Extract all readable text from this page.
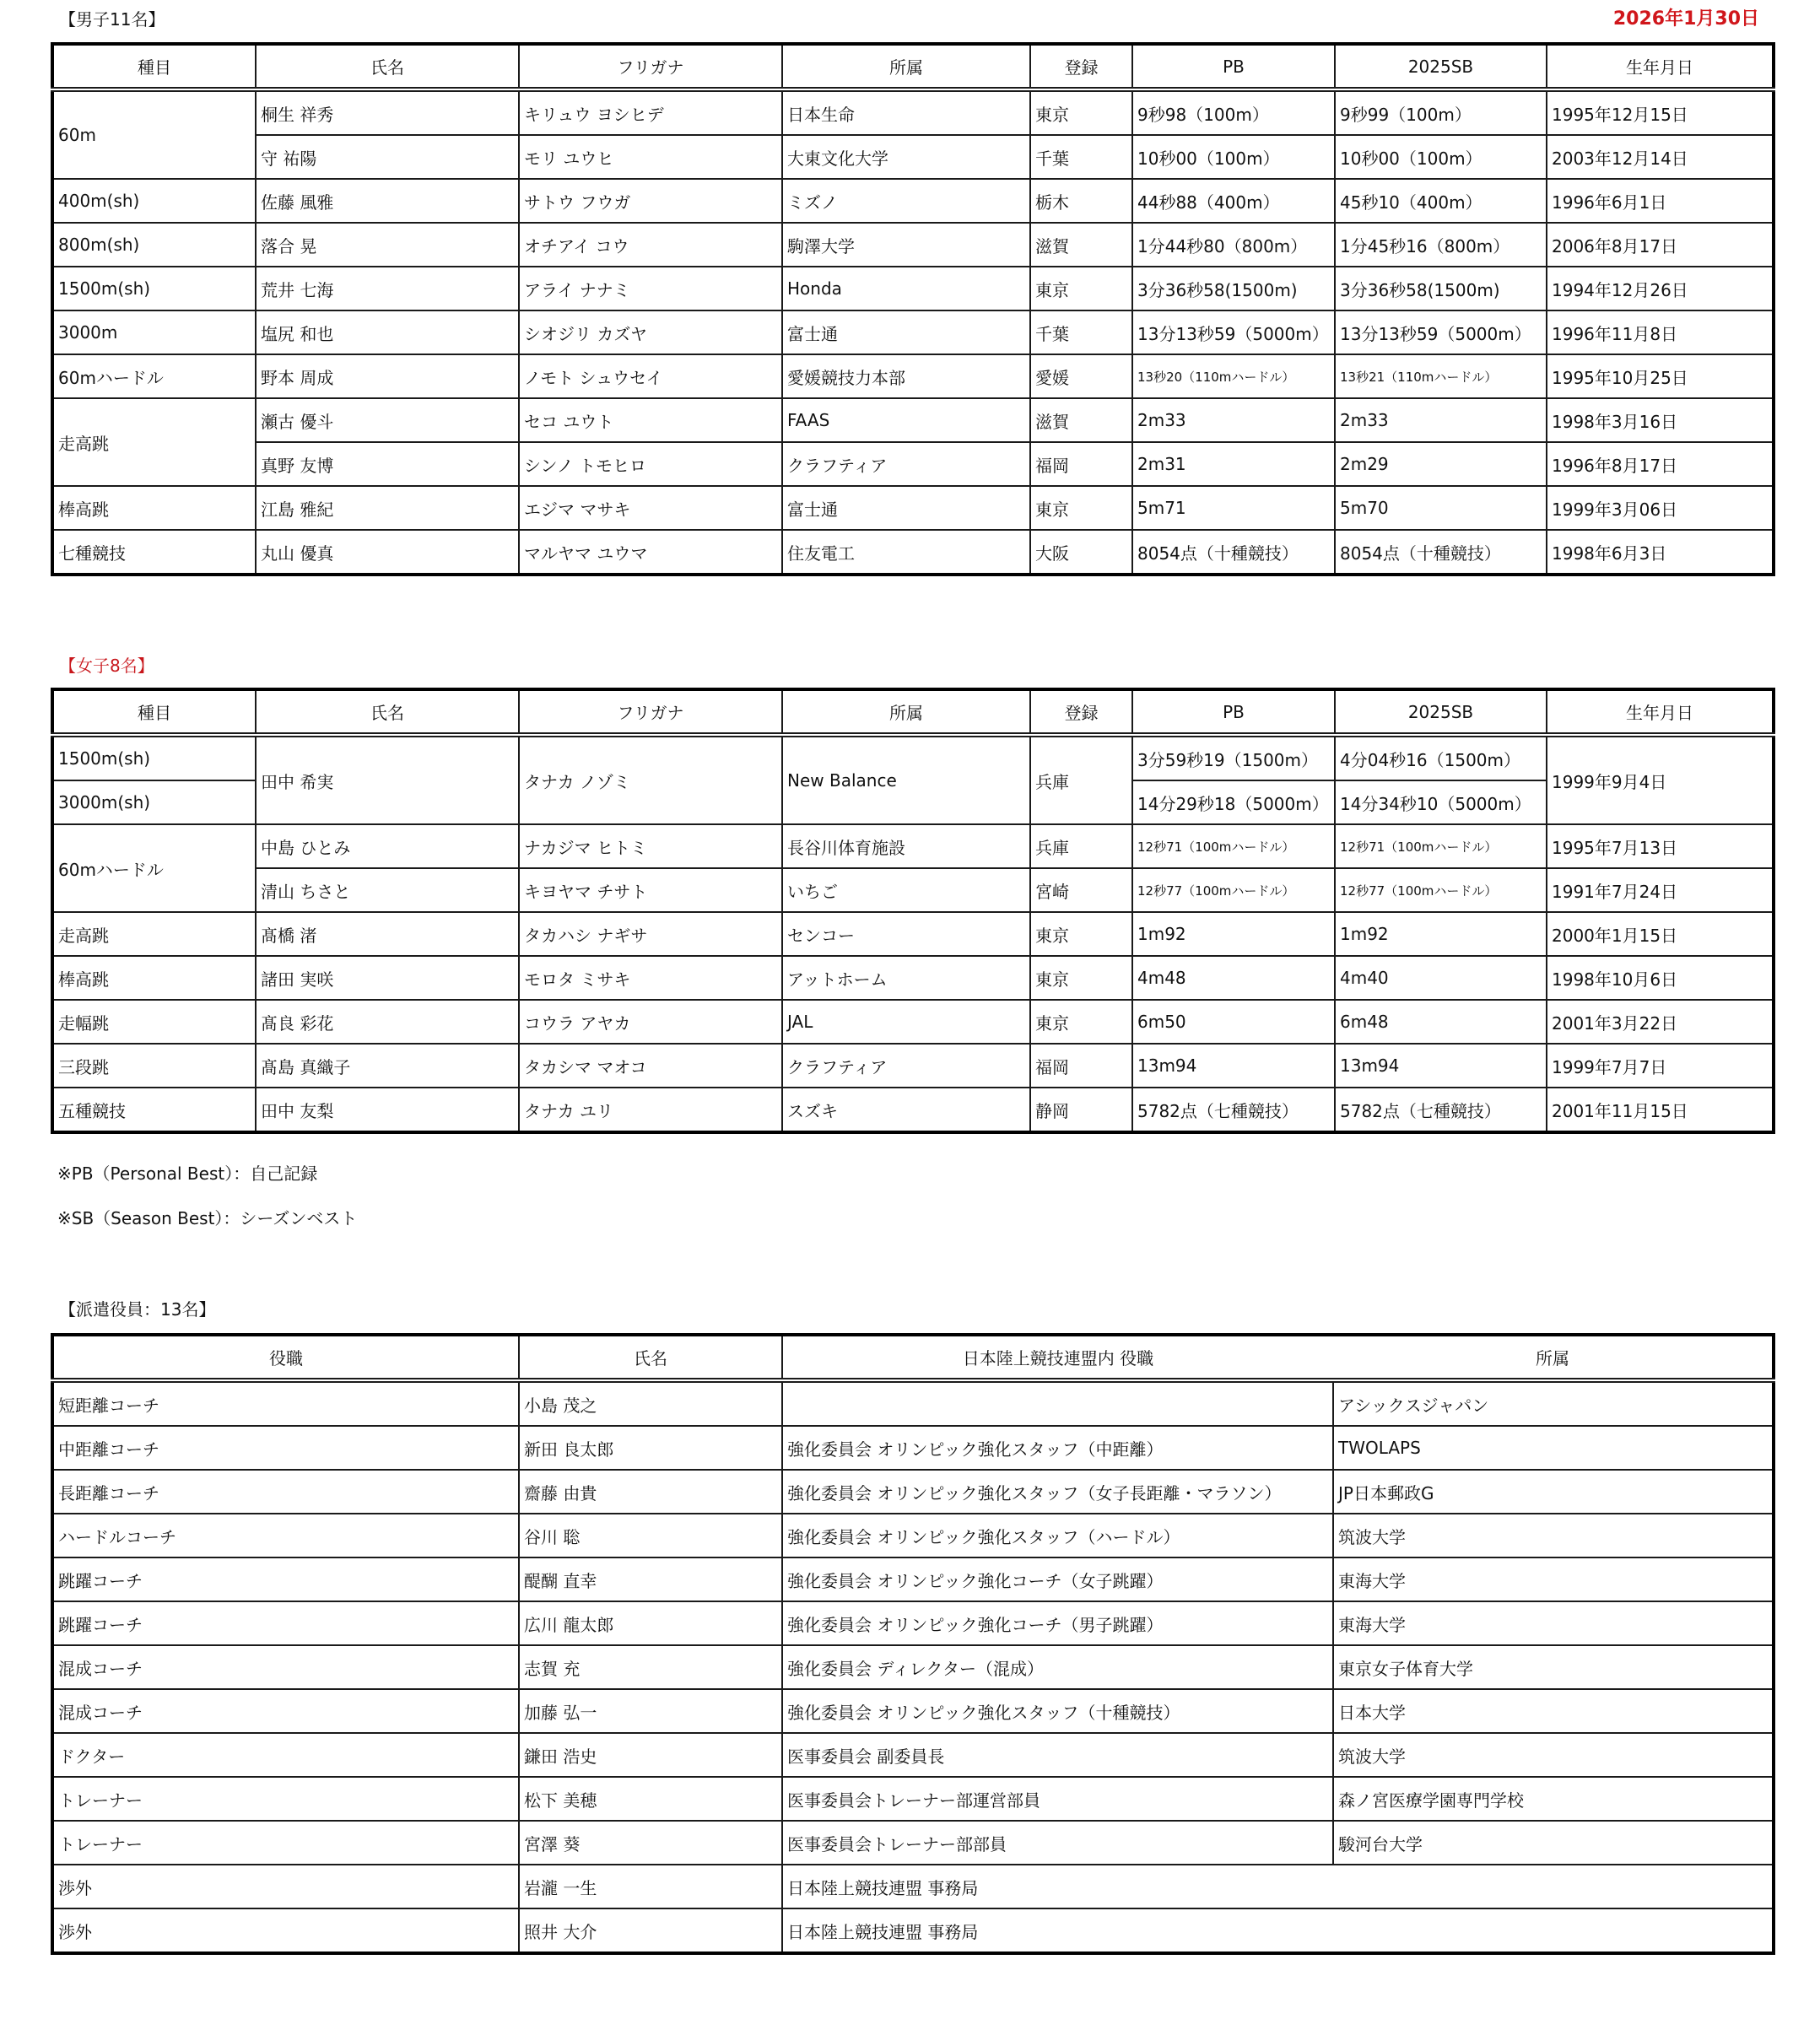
【男子11名】	2026年1月30日
種目	氏名	フリガナ	所属	登録	PB	2025SB	生年月日
60m	桐生 祥秀	キリュウ ヨシヒデ	日本生命	東京	9秒98（100m）	9秒99（100m）	1995年12月15日
	守 祐陽	モリ ユウヒ	大東文化大学	千葉	10秒00（100m）	10秒00（100m）	2003年12月14日
400m(sh)	佐藤 風雅	サトウ フウガ	ミズノ	栃木	44秒88（400m）	45秒10（400m）	1996年6月1日
800m(sh)	落合 晃	オチアイ コウ	駒澤大学	滋賀	1分44秒80（800m）	1分45秒16（800m）	2006年8月17日
1500m(sh)	荒井 七海	アライ ナナミ	Honda	東京	3分36秒58(1500m)	3分36秒58(1500m)	1994年12月26日
3000m	塩尻 和也	シオジリ カズヤ	富士通	千葉	13分13秒59（5000m）	13分13秒59（5000m）	1996年11月8日
60mハードル	野本 周成	ノモト シュウセイ	愛媛競技力本部	愛媛	13秒20（110mハードル）	13秒21（110mハードル）	1995年10月25日
走高跳	瀬古 優斗	セコ ユウト	FAAS	滋賀	2m33	2m33	1998年3月16日
	真野 友博	シンノ トモヒロ	クラフティア	福岡	2m31	2m29	1996年8月17日
棒高跳	江島 雅紀	エジマ マサキ	富士通	東京	5m71	5m70	1999年3月06日
七種競技	丸山 優真	マルヤマ ユウマ	住友電工	大阪	8054点（十種競技）	8054点（十種競技）	1998年6月3日
【女子8名】
種目	氏名	フリガナ	所属	登録	PB	2025SB	生年月日
1500m(sh)	田中 希実	タナカ ノゾミ	New Balance	兵庫	3分59秒19（1500m）	4分04秒16（1500m）	1999年9月4日
3000m(sh)					14分29秒18（5000m）	14分34秒10（5000m）	
60mハードル	中島 ひとみ	ナカジマ ヒトミ	長谷川体育施設	兵庫	12秒71（100mハードル）	12秒71（100mハードル）	1995年7月13日
	清山 ちさと	キヨヤマ チサト	いちご	宮崎	12秒77（100mハードル）	12秒77（100mハードル）	1991年7月24日
走高跳	髙橋 渚	タカハシ ナギサ	センコー	東京	1m92	1m92	2000年1月15日
棒高跳	諸田 実咲	モロタ ミサキ	アットホーム	東京	4m48	4m40	1998年10月6日
走幅跳	髙良 彩花	コウラ アヤカ	JAL	東京	6m50	6m48	2001年3月22日
三段跳	髙島 真織子	タカシマ マオコ	クラフティア	福岡	13m94	13m94	1999年7月7日
五種競技	田中 友梨	タナカ ユリ	スズキ	静岡	5782点（七種競技）	5782点（七種競技）	2001年11月15日
※PB（Personal Best）：自己記録
※SB（Season Best）：シーズンベスト
【派遣役員：13名】
役職	氏名	日本陸上競技連盟内 役職	所属
短距離コーチ	小島 茂之		アシックスジャパン
中距離コーチ	新田 良太郎	強化委員会 オリンピック強化スタッフ（中距離）	TWOLAPS
長距離コーチ	齋藤 由貴	強化委員会 オリンピック強化スタッフ（女子長距離・マラソン）	JP日本郵政G
ハードルコーチ	谷川 聡	強化委員会 オリンピック強化スタッフ（ハードル）	筑波大学
跳躍コーチ	醍醐 直幸	強化委員会 オリンピック強化コーチ（女子跳躍）	東海大学
跳躍コーチ	広川 龍太郎	強化委員会 オリンピック強化コーチ（男子跳躍）	東海大学
混成コーチ	志賀 充	強化委員会 ディレクター（混成）	東京女子体育大学
混成コーチ	加藤 弘一	強化委員会 オリンピック強化スタッフ（十種競技）	日本大学
ドクター	鎌田 浩史	医事委員会 副委員長	筑波大学
トレーナー	松下 美穂	医事委員会トレーナー部運営部員	森ノ宮医療学園専門学校
トレーナー	宮澤 葵	医事委員会トレーナー部部員	駿河台大学
渉外	岩瀧 一生	日本陸上競技連盟 事務局	
渉外	照井 大介	日本陸上競技連盟 事務局	
